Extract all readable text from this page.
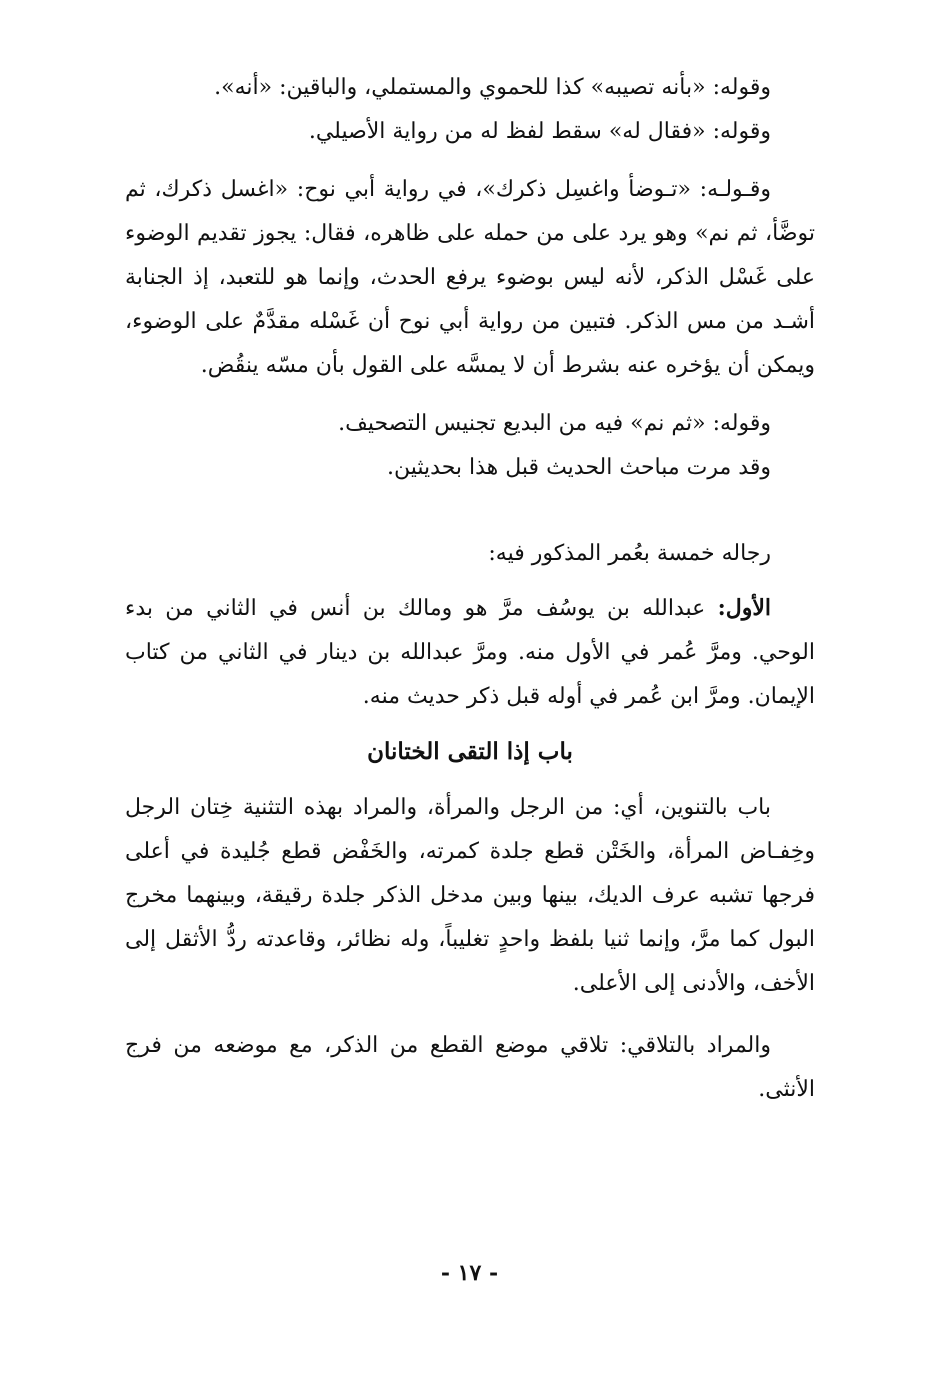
وقوله: «بأنه تصيبه» كذا للحموي والمستملي، والباقين: «أنه».

وقوله: «فقال له» سقط لفظ له من رواية الأصيلي.

وقـولـه: «تـوضأ واغسِل ذكرك»، في رواية أبي نوح: «اغسل ذكرك، ثم توضَّأ، ثم نم» وهو يرد على من حمله على ظاهره، فقال: يجوز تقديم الوضوء على غَسْل الذكر، لأنه ليس بوضوء يرفع الحدث، وإنما هو للتعبد، إذ الجنابة أشـد من مس الذكر. فتبين من رواية أبي نوح أن غَسْله مقدَّمٌ على الوضوء، ويمكن أن يؤخره عنه بشرط أن لا يمسَّه على القول بأن مسّه ينقُض.

وقوله: «ثم نم» فيه من البديع تجنيس التصحيف.

وقد مرت مباحث الحديث قبل هذا بحديثين.

رجاله خمسة بعُمر المذكور فيه:

الأول: عبدالله بن يوسُف مرَّ هو ومالك بن أنس في الثاني من بدء الوحي. ومرَّ عُمر في الأول منه. ومرَّ عبدالله بن دينار في الثاني من كتاب الإيمان. ومرَّ ابن عُمر في أوله قبل ذكر حديث منه.

باب إذا التقى الختانان

باب بالتنوين، أي: من الرجل والمرأة، والمراد بهذه التثنية خِتان الرجل وخِفـاض المرأة، والخَتْن قطع جلدة كمرته، والخَفْض قطع جُليدة في أعلى فرجها تشبه عرف الديك، بينها وبين مدخل الذكر جلدة رقيقة، وبينهما مخرج البول كما مرَّ، وإنما ثنيا بلفظ واحدٍ تغليباً، وله نظائر، وقاعدته ردُّ الأثقل إلى الأخف، والأدنى إلى الأعلى.

والمراد بالتلاقي: تلاقي موضع القطع من الذكر، مع موضعه من فرج الأنثى.

- ١٧ -
